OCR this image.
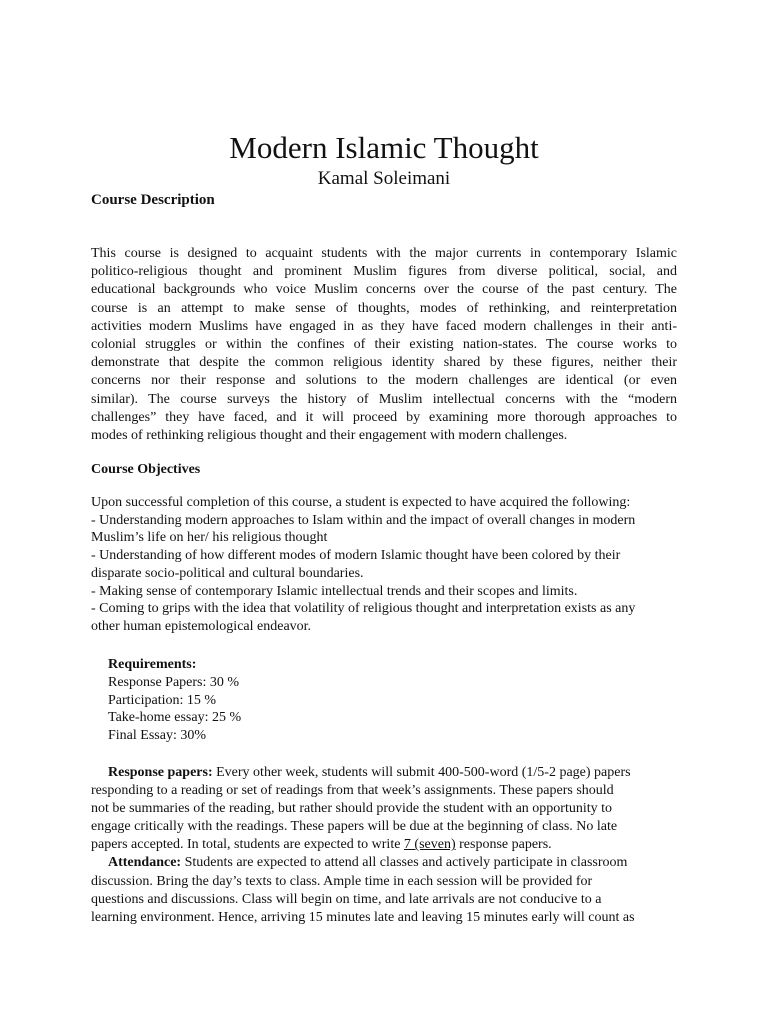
Modern Islamic Thought
Kamal Soleimani
Course Description
This course is designed to acquaint students with the major currents in contemporary Islamic
politico-religious thought and prominent Muslim figures from diverse political, social, and
educational backgrounds who voice Muslim concerns over the course of the past century. The
course is an attempt to make sense of thoughts, modes of rethinking, and reinterpretation
activities modern Muslims have engaged in as they have faced modern challenges in their anti-
colonial struggles or within the confines of their existing nation-states. The course works to
demonstrate that despite the common religious identity shared by these figures, neither their
concerns nor their response and solutions to the modern challenges are identical (or even
similar). The course surveys the history of Muslim intellectual concerns with the “modern
challenges” they have faced, and it will proceed by examining more thorough approaches to
modes of rethinking religious thought and their engagement with modern challenges.
Course Objectives
Upon successful completion of this course, a student is expected to have acquired the following:
- Understanding modern approaches to Islam within and the impact of overall changes in modern
Muslim’s life on her/ his religious thought
- Understanding of how different modes of modern Islamic thought have been colored by their
disparate socio-political and cultural boundaries.
- Making sense of contemporary Islamic intellectual trends and their scopes and limits.
- Coming to grips with the idea that volatility of religious thought and interpretation exists as any
other human epistemological endeavor.
Requirements:
Response Papers: 30 %
Participation: 15 %
Take-home essay: 25 %
Final Essay: 30%
Response papers: Every other week, students will submit 400-500-word (1/5-2 page) papers
responding to a reading or set of readings from that week’s assignments. These papers should
not be summaries of the reading, but rather should provide the student with an opportunity to
engage critically with the readings. These papers will be due at the beginning of class. No late
papers accepted. In total, students are expected to write 7 (seven) response papers.
Attendance: Students are expected to attend all classes and actively participate in classroom
discussion. Bring the day’s texts to class. Ample time in each session will be provided for
questions and discussions. Class will begin on time, and late arrivals are not conducive to a
learning environment. Hence, arriving 15 minutes late and leaving 15 minutes early will count as
